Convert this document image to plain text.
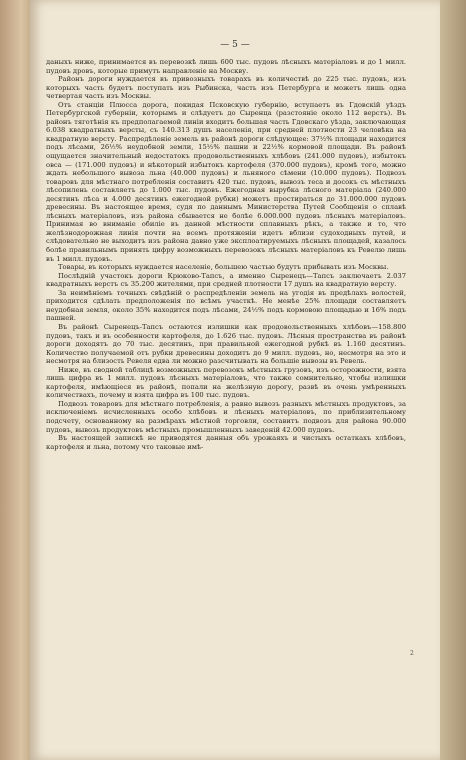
— 5 —

даныхъ ниже, принимается въ перевозкѣ лишь 600 тыс. пудовъ лѣсныхъ матеріаловъ и до 1 милл. пудовъ дровъ, которые примутъ направленіе на Москву.

Районъ дороги нуждается въ привозныхъ товарахъ въ количествѣ до 225 тыс. пудовъ, изъ которыхъ часть будетъ поступать изъ Рыбинска, часть изъ Петербурга и можетъ лишь одна четвертая часть изъ Москвы.

Отъ станціи Плюсса дорога, покидая Псковскую губернію, вступаетъ въ Гдовскій уѣздъ Петербургской губерніи, которымъ и слѣдуетъ до Сыренца (разстояніе около 112 верстъ). Въ районъ тяготѣнія къ предполагаемой линіи входитъ большая часть Гдовскаго уѣзда, заключающая 6.038 квадратныхъ версты, съ 140.313 душъ населенія, при средней плотности 23 человѣка на квадратную версту. Распредѣленіе земель въ районѣ дороги слѣдующее: 37½% площади находится подъ лѣсами, 26½% неудобной земли, 15½% пашни и 22½% кормовой площади. Въ районѣ ощущается значительный недостатокъ продовольственныхъ хлѣбовъ (241.000 пудовъ), избытокъ овса — (171.000 пудовъ) и нѣкоторый избытокъ картофеля (370.000 пудовъ), кромѣ того, можно ждать небольшого вывоза льна (40.000 пудовъ) и льняного сѣмени (10.000 пудовъ). Подвозъ товаровъ для мѣстнаго потребленія составитъ 420 тыс. пудовъ, вывозъ теса и досокъ съ мѣстныхъ лѣсопилень составляетъ до 1.000 тыс. пудовъ. Ежегодная вырубка лѣсного матеріала (240.000 десятинъ лѣса и 4.000 десятинъ ежегодной рубки) можетъ простираться до 31.000.000 пудовъ древесины. Въ настоящее время, судя по даннымъ Министерства Путей Сообщенія о сплавѣ лѣсныхъ матеріаловъ, изъ района сбывается не болѣе 6.000.000 пудовъ лѣсныхъ матеріаловъ. Принимая во вниманіе обиліе въ данной мѣстности сплавныхъ рѣкъ, а также и то, что желѣзнодорожная линія почти на всемъ протяженіи идетъ вблизи судоходныхъ путей, и слѣдовательно не выходитъ изъ района давно уже эксплоатируемыхъ лѣсныхъ площадей, казалось болѣе правильнымъ принять цифру возможныхъ перевозокъ лѣсныхъ матеріаловъ къ Ревелю лишь въ 1 милл. пудовъ.

Товары, въ которыхъ нуждается населеніе, большею частью будутъ прибывать изъ Москвы.

Послѣдній участокъ дороги Крюково-Тапсъ, а именно Сыренецъ—Тапсъ заключаетъ 2.037 квадратныхъ верстъ съ 35.200 жителями, при средней плотности 17 душъ на квадратную версту.

За неимѣніемъ точныхъ свѣдѣній о распредѣленіи земель на угодія въ предѣлахъ волостей, приходится сдѣлать предположенія по всѣмъ участкѣ. Не менѣе 25% площади составляетъ неудобная земля, около 35% находится подъ лѣсами, 24½% подъ кормовою площадью и 16% подъ пашней.

Въ районѣ Сыренецъ-Тапсъ остаются излишки как продовольственныхъ хлѣбовъ—158.800 пудовъ, такъ и въ особенности картофеля, до 1.626 тыс. пудовъ. Лѣсныя пространства въ районѣ дороги доходятъ до 70 тыс. десятинъ, при правильной ежегодной рубкѣ въ 1.160 десятинъ. Количество получаемой отъ рубки древесины доходитъ до 9 милл. пудовъ, но, несмотря на это и несмотря на близость Ревеля едва ли можно разсчитывать на большіе вывозы въ Ревель.

Ниже, въ сводной таблицѣ возможныхъ перевозокъ мѣстныхъ грузовъ, изъ осторожности, взята лишь цифра въ 1 милл. пудовъ лѣсныхъ матеріаловъ, что также сомнительно, чтобы излишки картофеля, имѣющіеся въ районѣ, попали на желѣзную дорогу, развѣ въ очень умѣренныхъ количествахъ, почему и взята цифра въ 100 тыс. пудовъ.

Подвозъ товаровъ для мѣстнаго потребленія, а равно вывозъ разныхъ мѣстныхъ продуктовъ, за исключеніемъ исчисленныхъ особо хлѣбовъ и лѣсныхъ матеріаловъ, по приблизительному подсчету, основанному на размѣрахъ мѣстной торговли, составитъ подвозъ для района 90.000 пудовъ, вывозъ продуктовъ мѣстныхъ промышленныхъ заведеній 42.000 пудовъ.

Въ настоящей запискѣ не приводятся данныя объ урожаяхъ и чистыхъ остаткахъ хлѣбовъ, картофеля и льна, потому что таковые имѣ-

2
